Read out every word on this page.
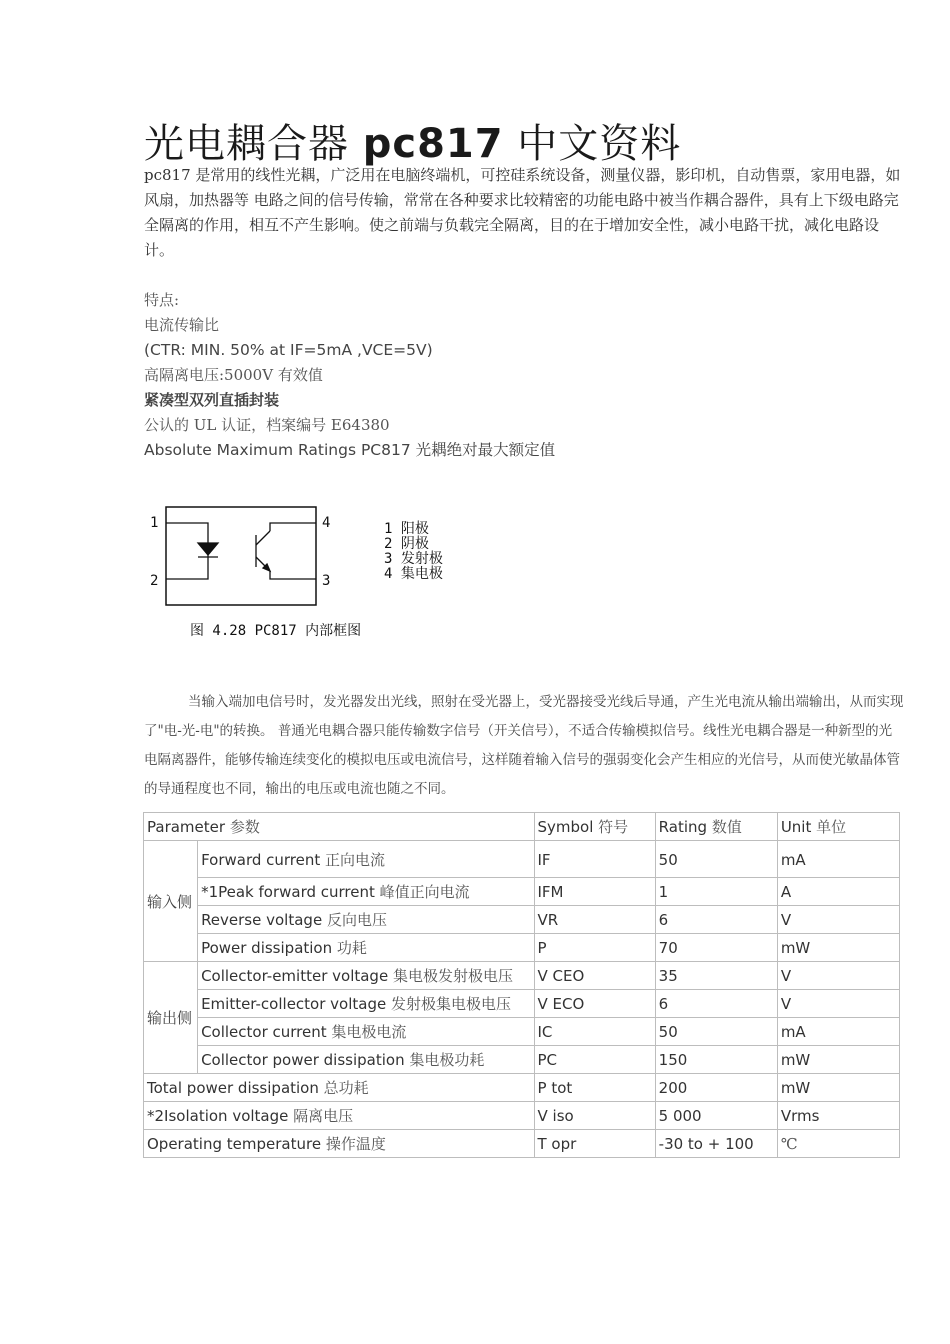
光电耦合器 pc817 中文资料

pc817 是常用的线性光耦，广泛用在电脑终端机，可控硅系统设备，测量仪器，影印机，自动售票，家用电器，如风扇，加热器等 电路之间的信号传输，常常在各种要求比较精密的功能电路中被当作耦合器件，具有上下级电路完全隔离的作用，相互不产生影响。使之前端与负载完全隔离，目的在于增加安全性，减小电路干扰，减化电路设计。

特点:
电流传输比
(CTR: MIN. 50% at IF=5mA ,VCE=5V)
高隔离电压:5000V 有效值
紧凑型双列直插封装
公认的 UL 认证，档案编号 E64380
Absolute Maximum Ratings PC817 光耦绝对最大额定值
1
2	3
4	1 阳极
2 阴极
3 发射极
4 集电极
图 4.28 PC817 内部框图

当输入端加电信号时，发光器发出光线，照射在受光器上，受光器接受光线后导通，产生光电流从输出端输出，从而实现了"电-光-电"的转换。 普通光电耦合器只能传输数字信号（开关信号），不适合传输模拟信号。线性光电耦合器是一种新型的光电隔离器件，能够传输连续变化的模拟电压或电流信号，这样随着输入信号的强弱变化会产生相应的光信号，从而使光敏晶体管的导通程度也不同，输出的电压或电流也随之不同。

Parameter 参数		Symbol 符号	Rating 数值	Unit 单位
输入侧	Forward current 正向电流	IF	50	mA
	*1Peak forward current 峰值正向电流	IFM	1	A
	Reverse voltage 反向电压	VR	6	V
	Power dissipation 功耗	P	70	mW
输出侧	Collector-emitter voltage 集电极发射极电压	V CEO	35	V
	Emitter-collector voltage 发射极集电极电压	V ECO	6	V
	Collector current 集电极电流	IC	50	mA
	Collector power dissipation 集电极功耗	PC	150	mW
Total power dissipation 总功耗		P tot	200	mW
*2Isolation voltage 隔离电压		V iso	5 000	Vrms
Operating temperature 操作温度		T opr	-30 to + 100	℃
